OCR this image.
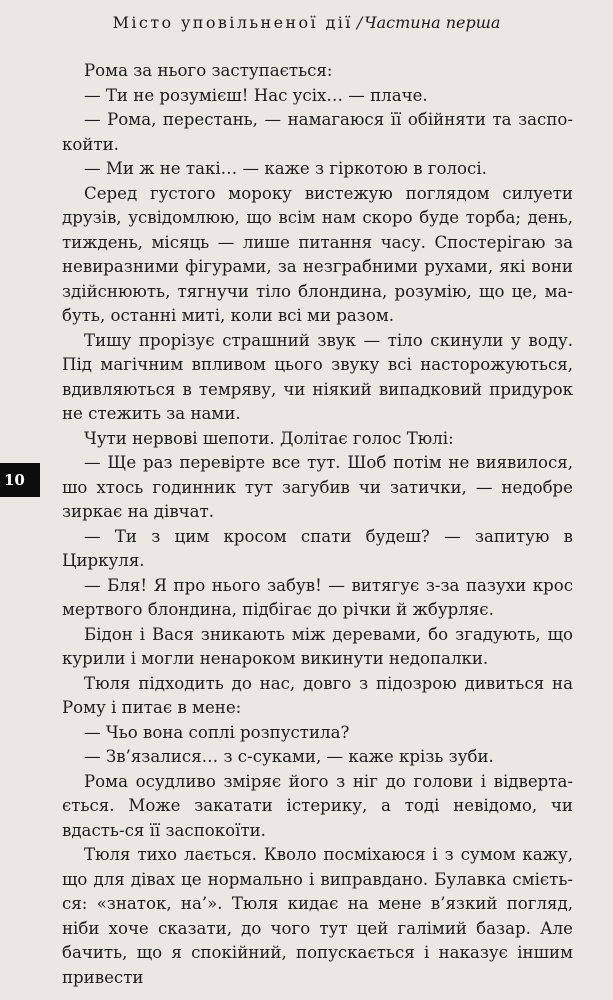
Місто уповільненої дії / Частина перша

Рома за нього заступається:

— Ти не розумієш! Нас усіх… — плаче.

— Рома, перестань, — намагаюся її обійняти та заспо-койти.

— Ми ж не такі… — каже з гіркотою в голосі.

Серед густого мороку вистежую поглядом силуети друзів, усвідомлюю, що всім нам скоро буде торба; день, тиждень, місяць — лише питання часу. Спостерігаю за невиразними фігурами, за незграбними рухами, які вони здійснюють, тягнучи тіло блондина, розумію, що це, ма-буть, останні миті, коли всі ми разом.

Тишу прорізує страшний звук — тіло скинули у воду. Під магічним впливом цього звуку всі насторожуються, вдивляються в темряву, чи ніякий випадковий придурок не стежить за нами.

Чути нервові шепоти. Долітає голос Тюлі:

— Ще раз перевірте все тут. Шоб потім не виявилося, шо хтось годинник тут загубив чи затички, — недобре зиркає на дівчат.

— Ти з цим кросом спати будеш? — запитую в Циркуля.

— Бля! Я про нього забув! — витягує з-за пазухи крос мертвого блондина, підбігає до річки й жбурляє.

Бідон і Вася зникають між деревами, бо згадують, що курили і могли ненароком викинути недопалки.

Тюля підходить до нас, довго з підозрою дивиться на Рому і питає в мене:

— Чьо вона соплі розпустила?

— Зв’язалися… з с-суками, — каже крізь зуби.

Рома осудливо зміряє його з ніг до голови і відверта-ється. Може закатати істерику, а тоді невідомо, чи вдасть-ся її заспокоїти.

Тюля тихо лається. Кволо посміхаюся і з сумом кажу, що для дівах це нормально і виправдано. Булавка смієть-ся: «знаток, на’». Тюля кидає на мене в’язкий погляд, ніби хоче сказати, до чого тут цей галімий базар. Але бачить, що я спокійний, попускається і наказує іншим привести

10
